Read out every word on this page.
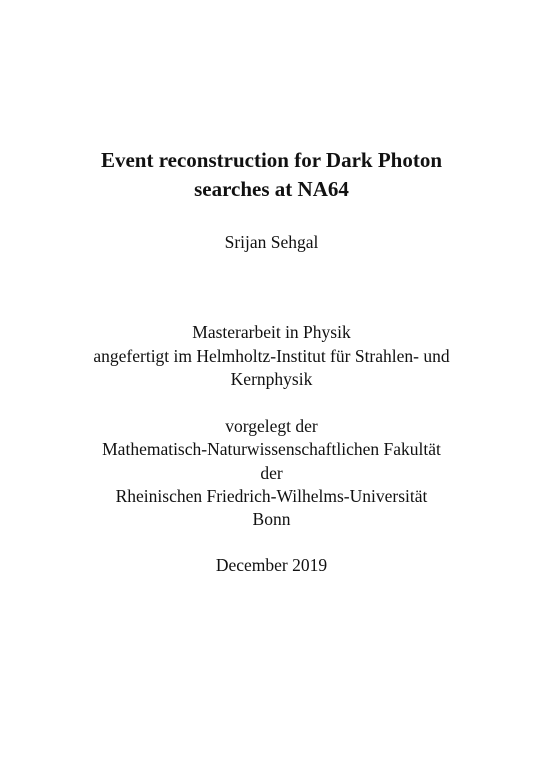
Event reconstruction for Dark Photon
searches at NA64
Srijan Sehgal
Masterarbeit in Physik
angefertigt im Helmholtz-Institut für Strahlen- und
Kernphysik
vorgelegt der
Mathematisch-Naturwissenschaftlichen Fakultät
der
Rheinischen Friedrich-Wilhelms-Universität
Bonn
December 2019
